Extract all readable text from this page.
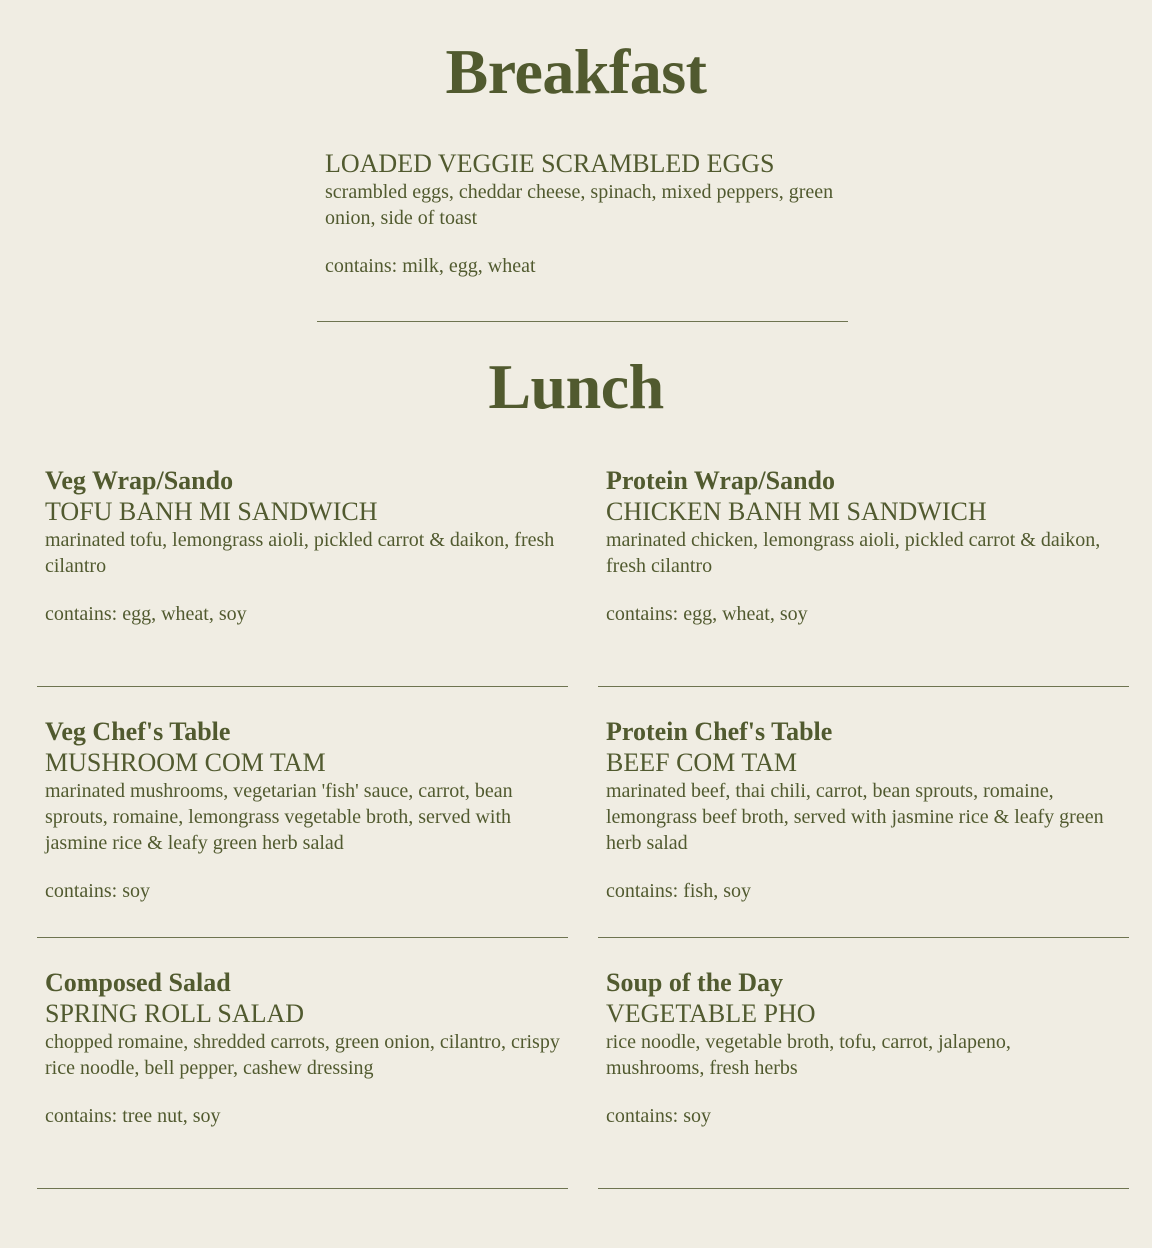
Breakfast

LOADED VEGGIE SCRAMBLED EGGS

scrambled eggs, cheddar cheese, spinach, mixed peppers, green onion, side of toast

contains: milk, egg, wheat

Lunch

Veg Wrap/Sando

TOFU BANH MI SANDWICH

marinated tofu, lemongrass aioli, pickled carrot & daikon, fresh cilantro

contains: egg, wheat, soy

Protein Wrap/Sando

CHICKEN BANH MI SANDWICH

marinated chicken, lemongrass aioli, pickled carrot & daikon, fresh cilantro

contains: egg, wheat, soy

Veg Chef's Table

MUSHROOM COM TAM

marinated mushrooms, vegetarian 'fish' sauce, carrot, bean sprouts, romaine, lemongrass vegetable broth, served with jasmine rice & leafy green herb salad

contains: soy

Protein Chef's Table

BEEF COM TAM

marinated beef, thai chili, carrot, bean sprouts, romaine, lemongrass beef broth, served with jasmine rice & leafy green herb salad

contains: fish, soy

Composed Salad

SPRING ROLL SALAD

chopped romaine, shredded carrots, green onion, cilantro, crispy rice noodle, bell pepper, cashew dressing

contains: tree nut, soy

Soup of the Day

VEGETABLE PHO

rice noodle, vegetable broth, tofu, carrot, jalapeno, mushrooms, fresh herbs

contains: soy
